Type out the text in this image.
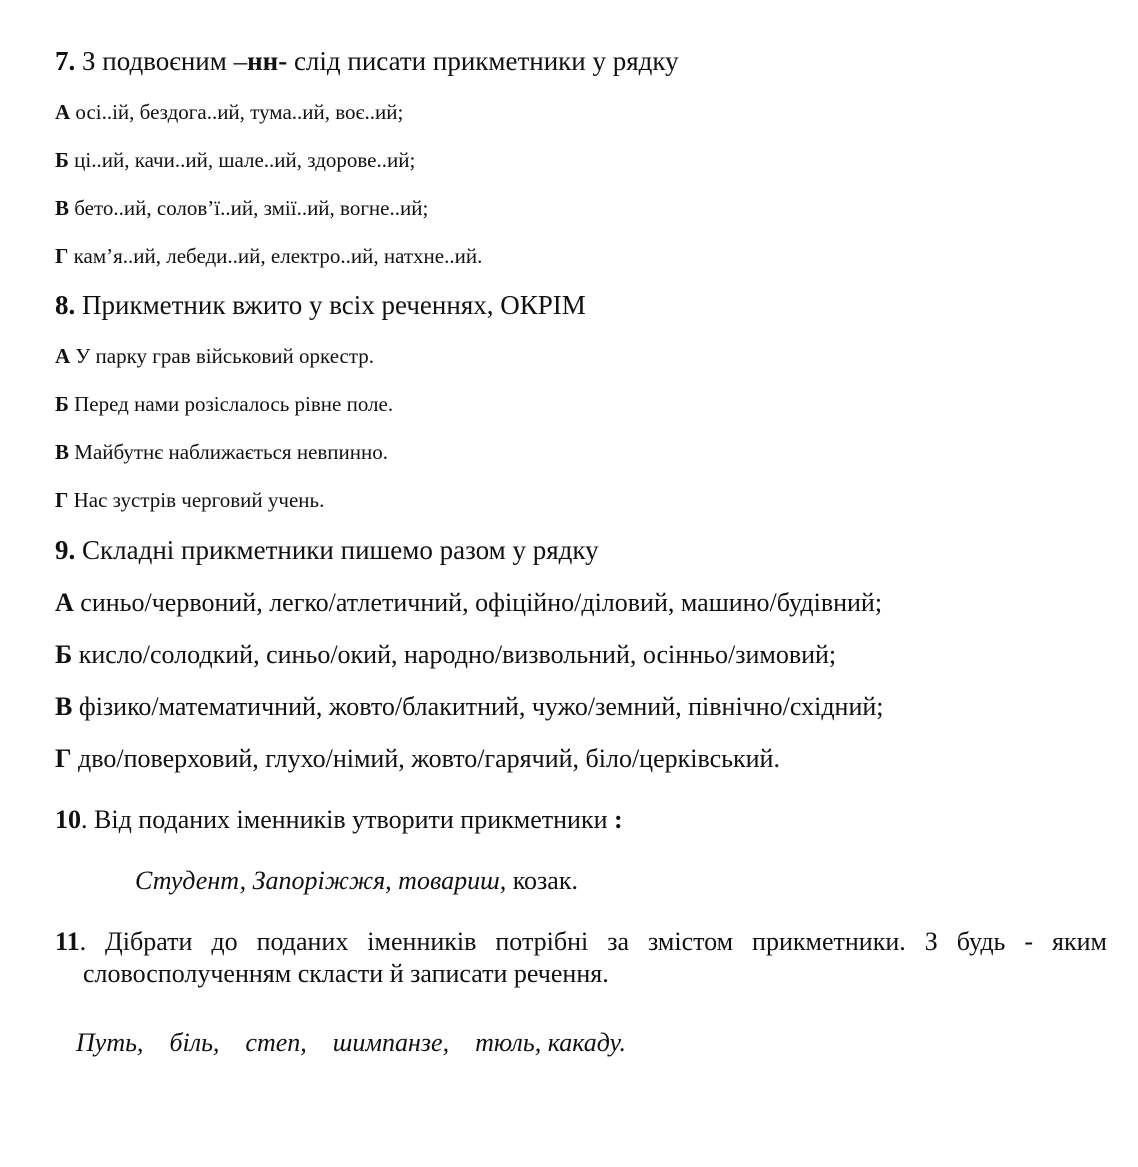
7. З подвоєним –нн- слід писати прикметники у рядку
А осі..ій, бездога..ий, тума..ий, воє..ий;
Б ці..ий, качи..ий, шале..ий, здорове..ий;
В бето..ий, солов’ї..ий, змії..ий, вогне..ий;
Г кам’я..ий, лебеди..ий, електро..ий, натхне..ий.
8. Прикметник вжито у всіх реченнях, ОКРІМ
А У парку грав військовий оркестр.
Б Перед нами розіслалось рівне поле.
В Майбутнє наближається невпинно.
Г Нас зустрів черговий учень.
9. Складні прикметники пишемо разом у рядку
А синьо/червоний, легко/атлетичний, офіційно/діловий, машино/будівний;
Б кисло/солодкий, синьо/окий, народно/визвольний, осінньо/зимовий;
В фізико/математичний, жовто/блакитний, чужо/земний, північно/східний;
Г дво/поверховий, глухо/німий, жовто/гарячий, біло/церківський.
10. Від поданих іменників утворити прикметники :
Студент, Запоріжжя, товариш, козак.
11. Дібрати до поданих іменників потрібні за змістом прикметники. З будь - яким
словосполученням скласти й записати речення.
Путь, біль, степ, шимпанзе, тюль, какаду.
